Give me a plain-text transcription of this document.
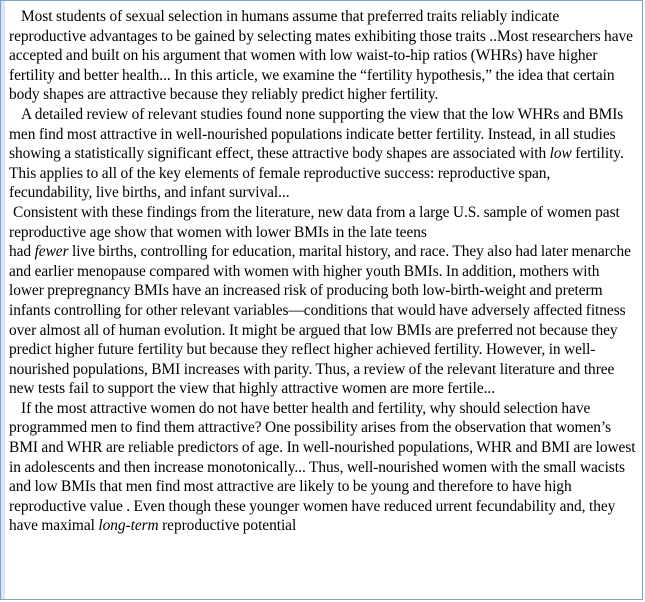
Most students of sexual selection in humans assume that preferred traits reliably indicate reproductive advantages to be gained by selecting mates exhibiting those traits ..Most researchers have accepted and built on his argument that women with low waist-to-hip ratios (WHRs) have higher fertility and better health... In this article, we examine the “fertility hypothesis,” the idea that certain body shapes are attractive because they reliably predict higher fertility.

A detailed review of relevant studies found none supporting the view that the low WHRs and BMIs men find most attractive in well-nourished populations indicate better fertility. Instead, in all studies showing a statistically significant effect, these attractive body shapes are associated with low fertility. This applies to all of the key elements of female reproductive success: reproductive span, fecundability, live births, and infant survival...

Consistent with these findings from the literature, new data from a large U.S. sample of women past reproductive age show that women with lower BMIs in the late teens

had fewer live births, controlling for education, marital history, and race. They also had later menarche and earlier menopause compared with women with higher youth BMIs. In addition, mothers with lower prepregnancy BMIs have an increased risk of producing both low-birth-weight and preterm infants controlling for other relevant variables—conditions that would have adversely affected fitness over almost all of human evolution. It might be argued that low BMIs are preferred not because they predict higher future fertility but because they reflect higher achieved fertility. However, in well-nourished populations, BMI increases with parity. Thus, a review of the relevant literature and three new tests fail to support the view that highly attractive women are more fertile...

If the most attractive women do not have better health and fertility, why should selection have programmed men to find them attractive? One possibility arises from the observation that women’s BMI and WHR are reliable predictors of age. In well-nourished populations, WHR and BMI are lowest in adolescents and then increase monotonically... Thus, well-nourished women with the small wacists and low BMIs that men find most attractive are likely to be young and therefore to have high reproductive value . Even though these younger women have reduced urrent fecundability and, they have maximal long-term reproductive potential
